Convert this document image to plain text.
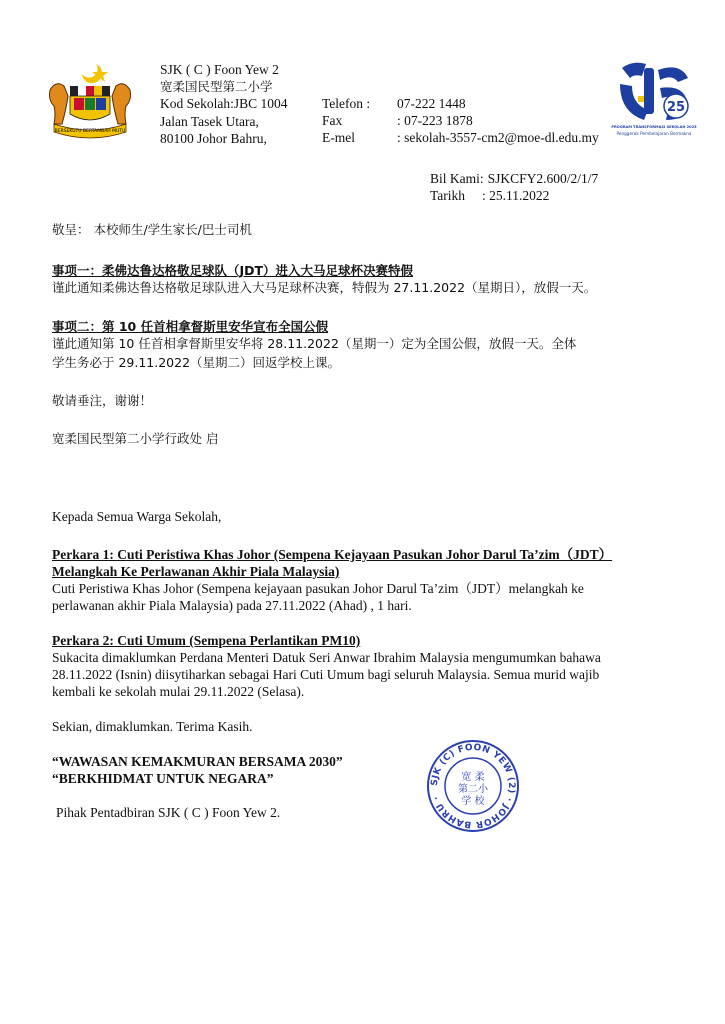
BERSEKUTU BERTAMBAH MUTU
SJK ( C ) Foon Yew 2
宽柔国民型第二小学
Kod Sekolah:JBC 1004
Jalan Tasek Utara,
80100 Johor Bahru,
Telefon :	07-222 1448
Fax	: 07-223 1878
E-mel	: sekolah-3557-cm2@moe-dl.edu.my
25
PROGRAM TRANSFORMASI SEKOLAH 2025
Penggerak Pembelajaran Bermakna
Bil Kami: SJKCFY2.600/2/1/7
Tarikh	: 25.11.2022
敬呈： 本校师生/学生家长/巴士司机
事项一：柔佛达鲁达格敬足球队（JDT）进入大马足球杯决赛特假
谨此通知柔佛达鲁达格敬足球队进入大马足球杯决赛，特假为 27.11.2022（星期日），放假一天。
事项二：第 10 任首相拿督斯里安华宣布全国公假
谨此通知第 10 任首相拿督斯里安华将 28.11.2022（星期一）定为全国公假，放假一天。全体
学生务必于 29.11.2022（星期二）回返学校上课。
敬请垂注，谢谢！
宽柔国民型第二小学行政处 启
Kepada Semua Warga Sekolah,
Perkara 1: Cuti Peristiwa Khas Johor (Sempena Kejayaan Pasukan Johor Darul Ta’zim（JDT）
Melangkah Ke Perlawanan Akhir Piala Malaysia)
Cuti Peristiwa Khas Johor (Sempena kejayaan pasukan Johor Darul Ta’zim（JDT）melangkah ke
perlawanan akhir Piala Malaysia) pada 27.11.2022 (Ahad) , 1 hari.
Perkara 2: Cuti Umum (Sempena Perlantikan PM10)
Sukacita dimaklumkan Perdana Menteri Datuk Seri Anwar Ibrahim Malaysia mengumumkan bahawa
28.11.2022 (Isnin) diisytiharkan sebagai Hari Cuti Umum bagi seluruh Malaysia. Semua murid wajib
kembali ke sekolah mulai 29.11.2022 (Selasa).
Sekian, dimaklumkan. Terima Kasih.
“WAWASAN KEMAKMURAN BERSAMA 2030”
“BERKHIDMAT UNTUK NEGARA”
Pihak Pentadbiran SJK ( C ) Foon Yew 2.
SJK (C) FOON YEW (2) · JOHOR BAHRU ·
宽 柔
第二小
学 校
